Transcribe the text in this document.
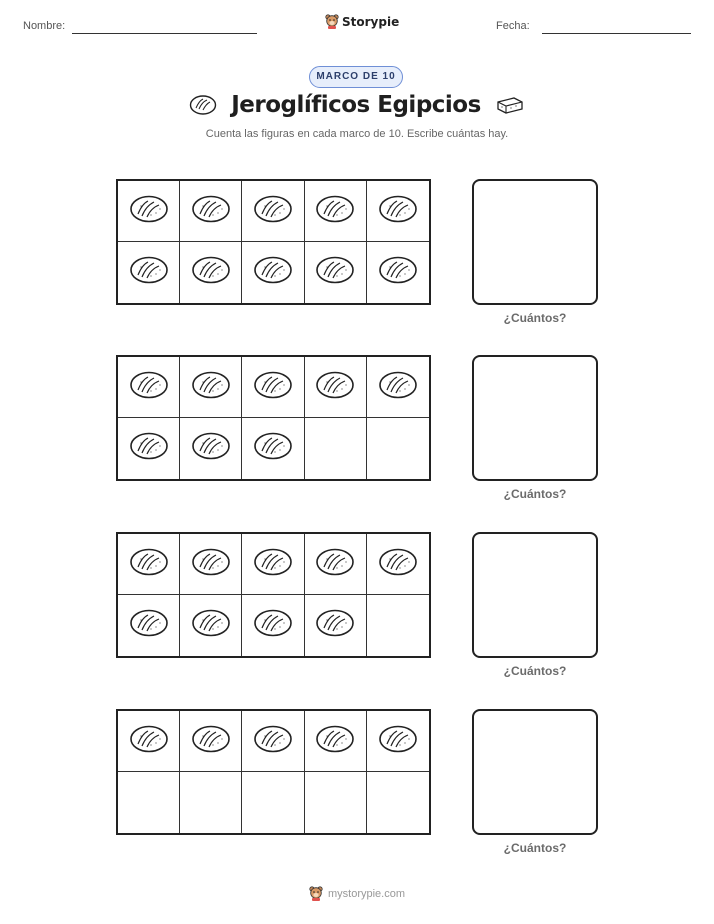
Nombre:	Storypie	Fecha:
MARCO DE 10
Jeroglíficos Egipcios
Cuenta las figuras en cada marco de 10. Escribe cuántas hay.
¿Cuántos?
¿Cuántos?
¿Cuántos?
¿Cuántos?
mystorypie.com
